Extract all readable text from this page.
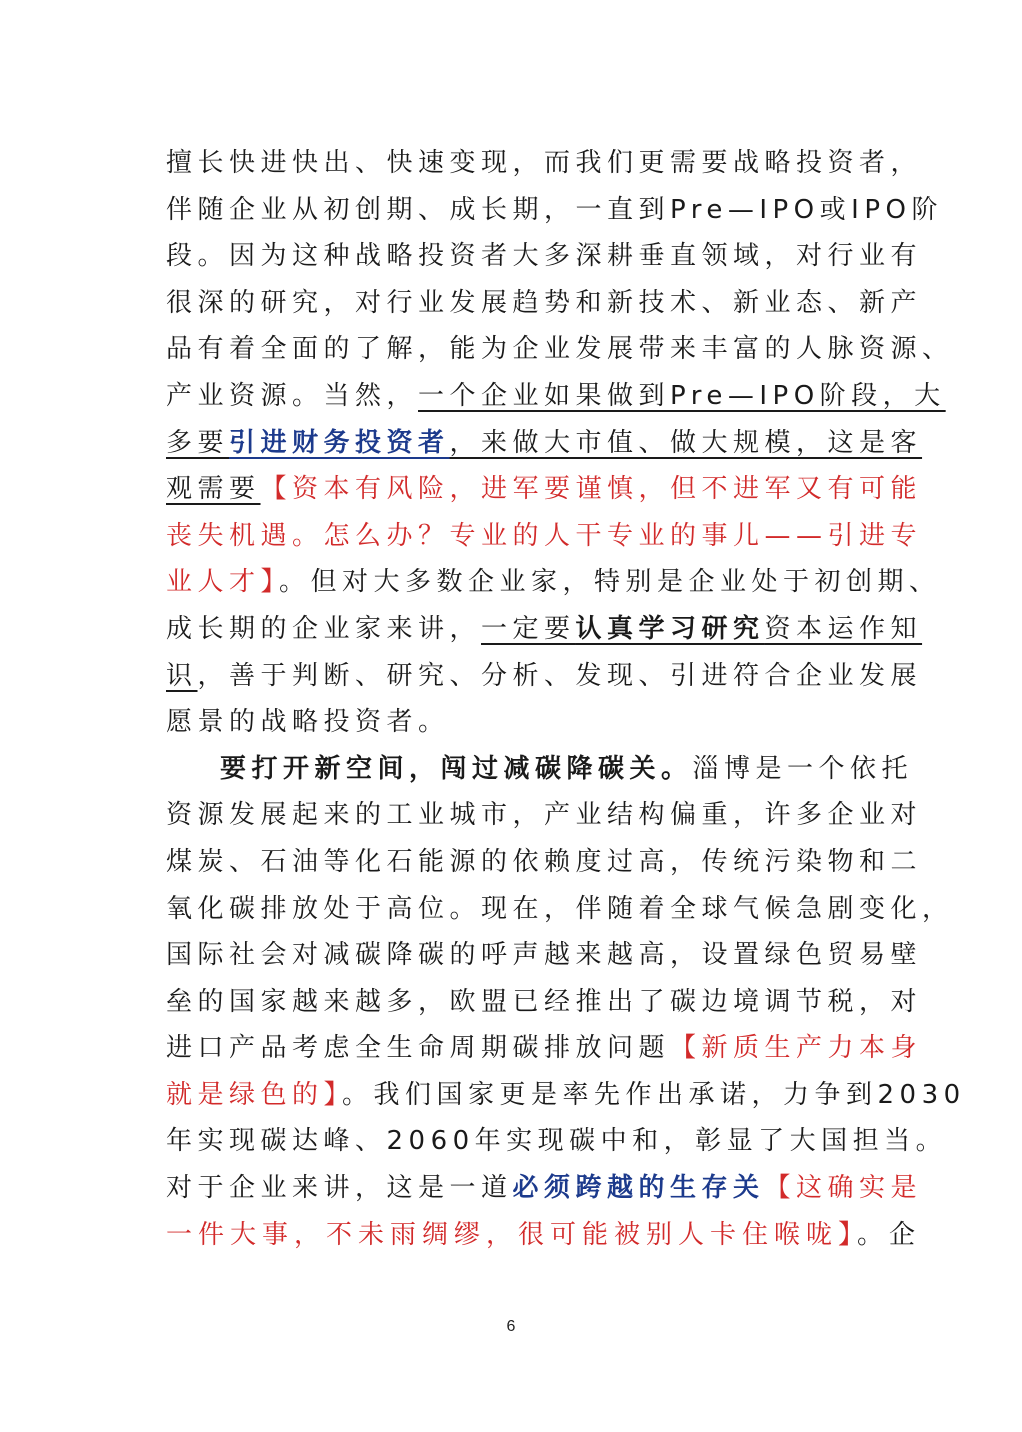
擅长快进快出、快速变现，而我们更需要战略投资者，
伴随企业从初创期、成长期，一直到Pre—IPO或IPO阶
段。因为这种战略投资者大多深耕垂直领域，对行业有
很深的研究，对行业发展趋势和新技术、新业态、新产
品有着全面的了解，能为企业发展带来丰富的人脉资源、
产业资源。当然，一个企业如果做到Pre—IPO阶段，大
多要引进财务投资者，来做大市值、做大规模，这是客
观需要【资本有风险，进军要谨慎，但不进军又有可能
丧失机遇。怎么办？专业的人干专业的事儿——引进专
业人才】。但对大多数企业家，特别是企业处于初创期、
成长期的企业家来讲，一定要认真学习研究资本运作知
识，善于判断、研究、分析、发现、引进符合企业发展
愿景的战略投资者。
要打开新空间，闯过减碳降碳关。淄博是一个依托
资源发展起来的工业城市，产业结构偏重，许多企业对
煤炭、石油等化石能源的依赖度过高，传统污染物和二
氧化碳排放处于高位。现在，伴随着全球气候急剧变化，
国际社会对减碳降碳的呼声越来越高，设置绿色贸易壁
垒的国家越来越多，欧盟已经推出了碳边境调节税，对
进口产品考虑全生命周期碳排放问题【新质生产力本身
就是绿色的】。我们国家更是率先作出承诺，力争到2030
年实现碳达峰、2060年实现碳中和，彰显了大国担当。
对于企业来讲，这是一道必须跨越的生存关【这确实是
一件大事，不未雨绸缪，很可能被别人卡住喉咙】。企
6
